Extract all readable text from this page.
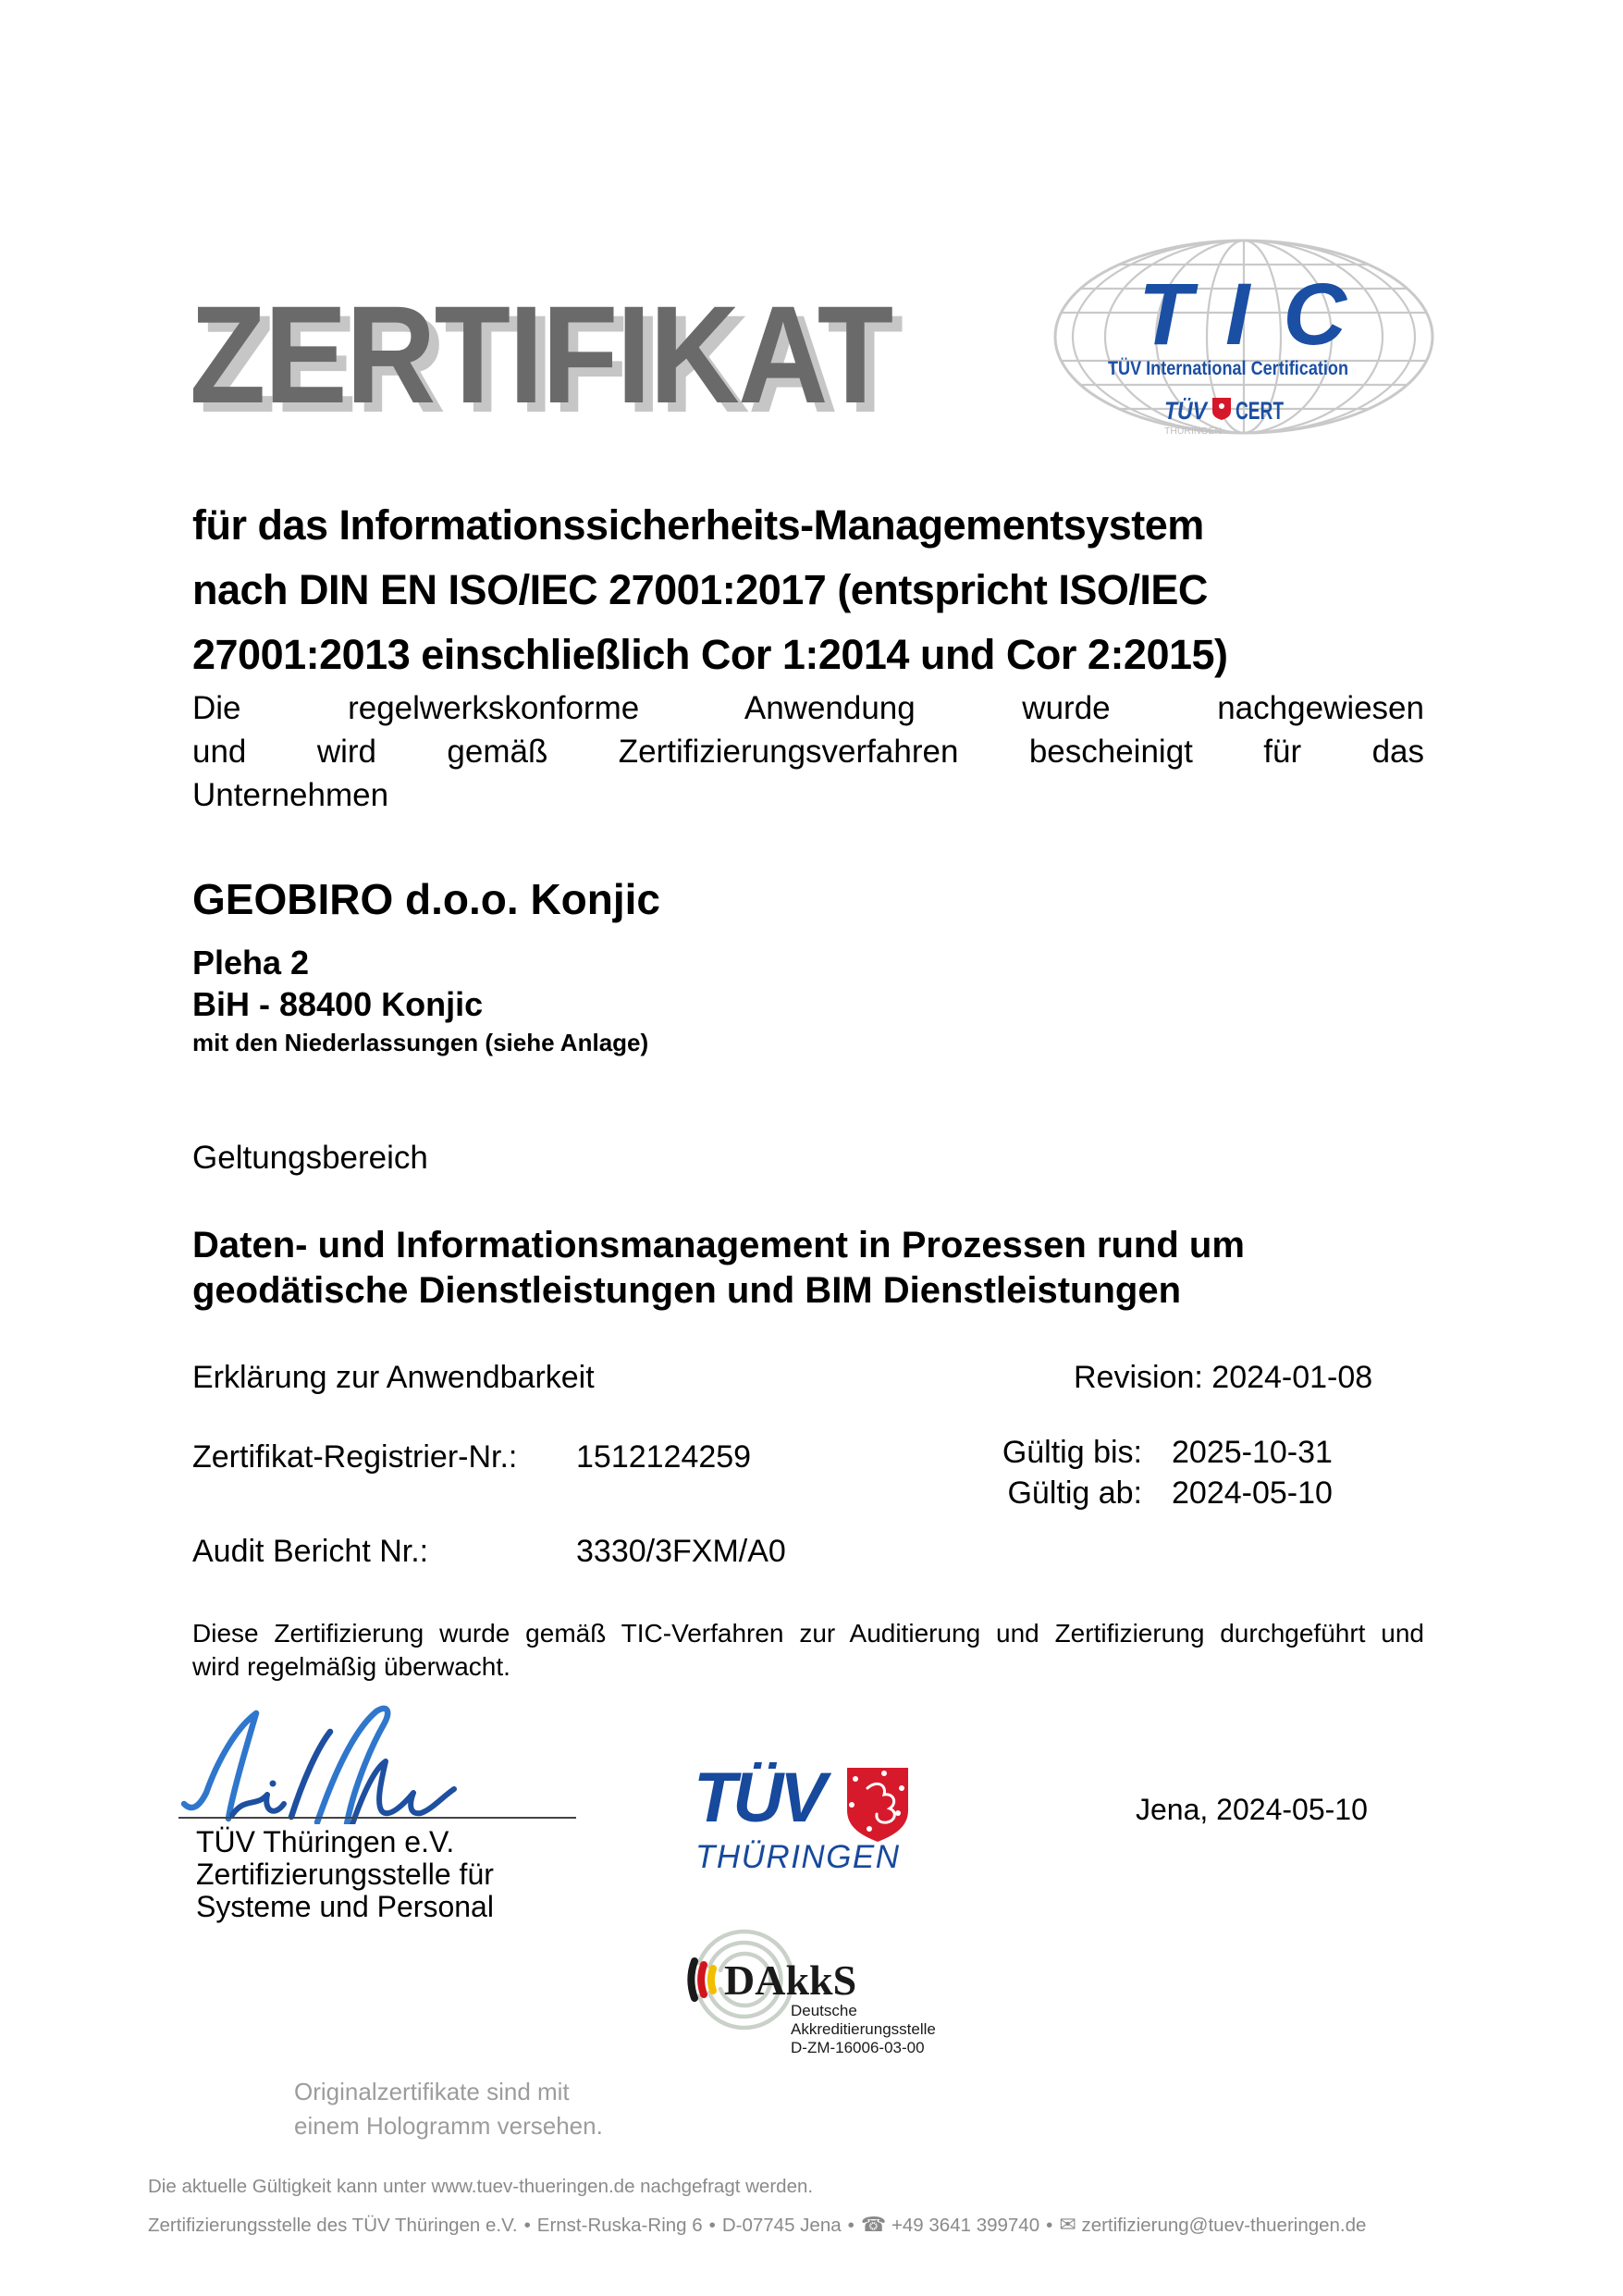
ZERTIFIKAT	TIC
TÜV International Certification
TÜV CERT
THÜRINGEN
für das Informationssicherheits-Managementsystem
nach DIN EN ISO/IEC 27001:2017 (entspricht ISO/IEC
27001:2013 einschließlich Cor 1:2014 und Cor 2:2015)
Die regelwerkskonforme Anwendung wurde nachgewiesen
und wird gemäß Zertifizierungsverfahren bescheinigt für das
Unternehmen
GEOBIRO d.o.o. Konjic
Pleha 2
BiH - 88400 Konjic
mit den Niederlassungen (siehe Anlage)
Geltungsbereich
Daten- und Informationsmanagement in Prozessen rund um
geodätische Dienstleistungen und BIM Dienstleistungen
Erklärung zur Anwendbarkeit	Revision: 2024-01-08
Zertifikat-Registrier-Nr.: 1512124259	Gültig bis: 2025-10-31
Gültig ab: 2024-05-10
Audit Bericht Nr.:	3330/3FXM/A0
Diese Zertifizierung wurde gemäß TIC-Verfahren zur Auditierung und Zertifizierung durchgeführt und
wird regelmäßig überwacht.
TÜV Thüringen e.V.
Zertifizierungsstelle für
Systeme und Personal
TÜV
THÜRINGEN
Jena, 2024-05-10
DAkkS
Deutsche
Akkreditierungsstelle
D-ZM-16006-03-00
Originalzertifikate sind mit
einem Hologramm versehen.
Die aktuelle Gültigkeit kann unter www.tuev-thueringen.de nachgefragt werden.
Zertifizierungsstelle des TÜV Thüringen e.V. • Ernst-Ruska-Ring 6 • D-07745 Jena • ☎ +49 3641 399740 • ✉ zertifizierung@tuev-thueringen.de
